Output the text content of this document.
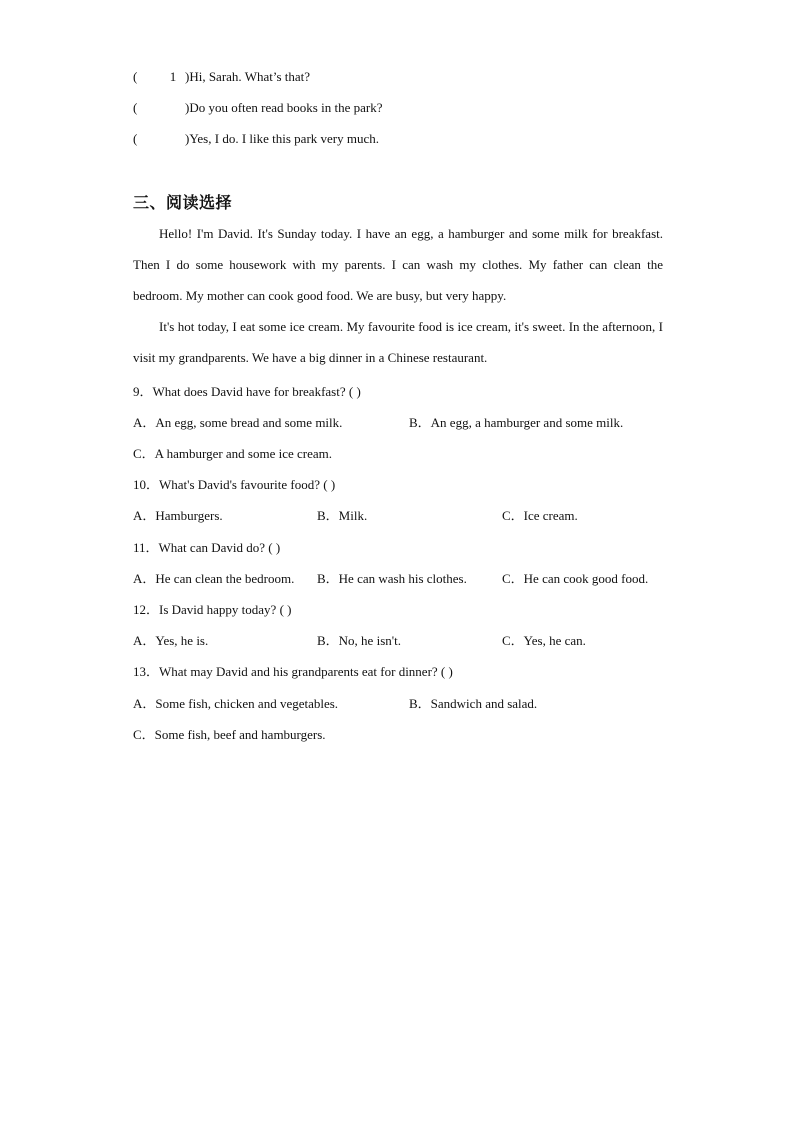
(	1 )Hi, Sarah. What’s that?
(	)Do you often read books in the park?
(	)Yes, I do. I like this park very much.
三、阅读选择
Hello! I'm David. It's Sunday today. I have an egg, a hamburger and some milk for breakfast. Then I do some housework with my parents. I can wash my clothes. My father can clean the bedroom. My mother can cook good food. We are busy, but very happy.
It's hot today, I eat some ice cream. My favourite food is ice cream, it's sweet. In the afternoon, I visit my grandparents. We have a big dinner in a Chinese restaurant.
9．What does David have for breakfast? ( )
A．An egg, some bread and some milk.	B．An egg, a hamburger and some milk.
C．A hamburger and some ice cream.
10．What's David's favourite food? ( )
A．Hamburgers.	B．Milk.	C．Ice cream.
11．What can David do? ( )
A．He can clean the bedroom. B．He can wash his clothes.	C．He can cook good food.
12．Is David happy today? ( )
A．Yes, he is.	B．No, he isn't.	C．Yes, he can.
13．What may David and his grandparents eat for dinner? ( )
A．Some fish, chicken and vegetables.	B．Sandwich and salad.
C．Some fish, beef and hamburgers.
